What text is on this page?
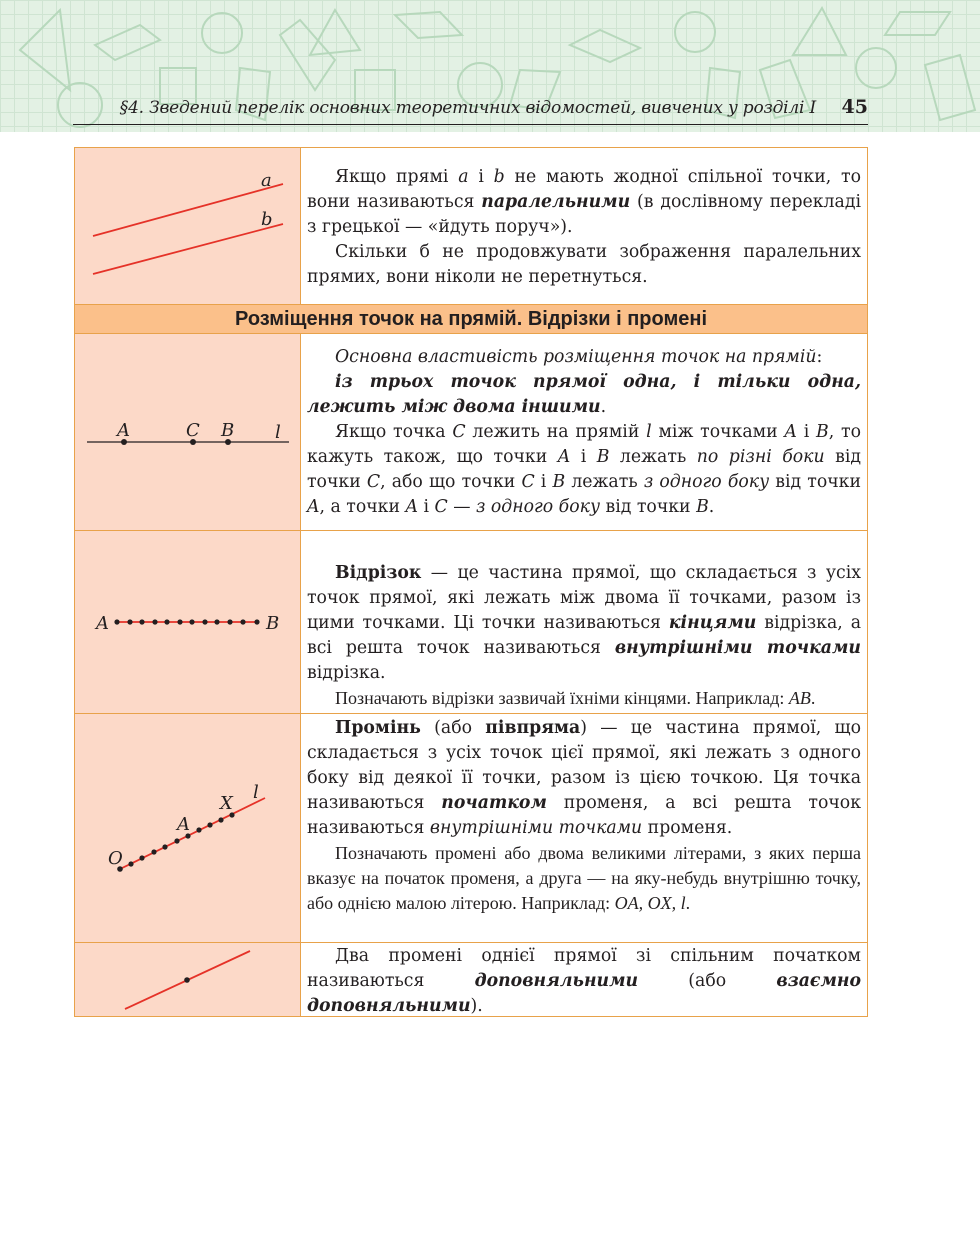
§4. Зведений перелік основних теоретичних відомостей, вивчених у розділі I 45
a
b

Якщо прямі a і b не мають жодної спільної точки, то вони називаються паралельними (в дослівному перекладі з грецької — «йдуть поруч»).

Скільки б не продовжувати зображення паралельних прямих, вони ніколи не перетнуться.

Розміщення точок на прямій. Відрізки і промені
A	C B l

Основна властивість розміщення точок на прямій:

із трьох точок прямої одна, і тільки одна, лежить між двома іншими.

Якщо точка C лежить на прямій l між точками A і B, то кажуть також, що точки A і B лежать по різні боки від точки C, або що точки C і B лежать з одного боку від точки A, а точки A і C — з одного боку від точки B.

A	B

Відрізок — це частина прямої, що складається з усіх точок прямої, які лежать між двома її точками, разом із цими точками. Ці точки називаються кінцями відрізка, а всі решта точок називаються внутрішніми точками відрізка.

Позначають відрізки зазвичай їхніми кінцями. Наприклад: AB.

O
A
X
l

Промінь (або півпряма) — це частина прямої, що складається з усіх точок цієї прямої, які лежать з одного боку від деякої її точки, разом із цією точкою. Ця точка називаються початком променя, а всі решта точок називаються внутрішніми точками променя.

Позначають промені або двома великими літерами, з яких перша вказує на початок променя, а друга — на яку-небудь внутрішню точку, або однією малою літерою. Наприклад: OA, OX, l.

Два промені однієї прямої зі спільним початком називаються доповняльними (або взаємно доповняльними).
